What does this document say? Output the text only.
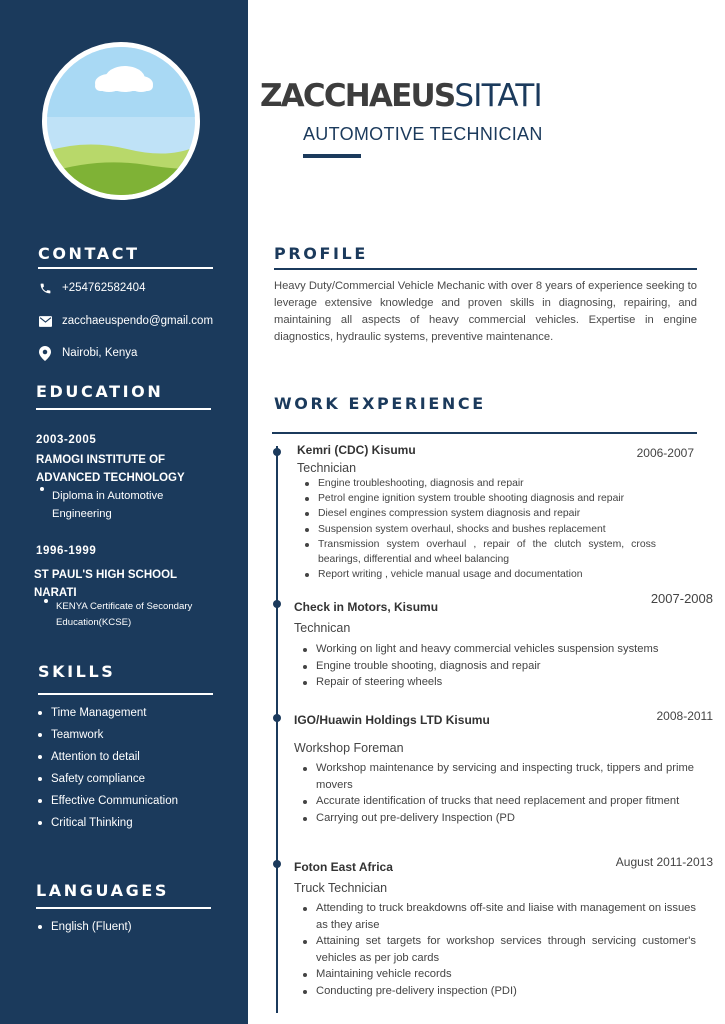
CONTACT
+254762582404
zacchaeuspendo@gmail.com
Nairobi, Kenya
EDUCATION
2003-2005
RAMOGI INSTITUTE OF ADVANCED TECHNOLOGY
Diploma in Automotive Engineering
1996-1999
ST PAUL'S HIGH SCHOOL NARATI
KENYA Certificate of Secondary Education(KCSE)
SKILLS
Time Management
Teamwork
Attention to detail
Safety compliance
Effective Communication
Critical Thinking
LANGUAGES
English (Fluent)
ZACCHAEUSSITATI
AUTOMOTIVE TECHNICIAN
PROFILE

Heavy Duty/Commercial Vehicle Mechanic with over 8 years of experience seeking to leverage extensive knowledge and proven skills in diagnosing, repairing, and maintaining all aspects of heavy commercial vehicles. Expertise in engine diagnostics, hydraulic systems, preventive maintenance.

WORK EXPERIENCE
Kemri (CDC) Kisumu	2006-2007
Technician
Engine troubleshooting, diagnosis and repair
Petrol engine ignition system trouble shooting diagnosis and repair
Diesel engines compression system diagnosis and repair
Suspension system overhaul, shocks and bushes replacement
Transmission system overhaul , repair of the clutch system, cross bearings, differential and wheel balancing
Report writing , vehicle manual usage and documentation
Check in Motors, Kisumu
2007-2008
Technican
Working on light and heavy commercial vehicles suspension systems
Engine trouble shooting, diagnosis and repair
Repair of steering wheels
IGO/Huawin Holdings LTD Kisumu	2008-2011
Workshop Foreman
Workshop maintenance by servicing and inspecting truck, tippers and prime movers
Accurate identification of trucks that need replacement and proper fitment
Carrying out pre-delivery Inspection (PD
Foton East Africa	August 2011-2013
Truck Technician
Attending to truck breakdowns off-site and liaise with management on issues as they arise
Attaining set targets for workshop services through servicing customer's vehicles as per job cards
Maintaining vehicle records
Conducting pre-delivery inspection (PDI)
